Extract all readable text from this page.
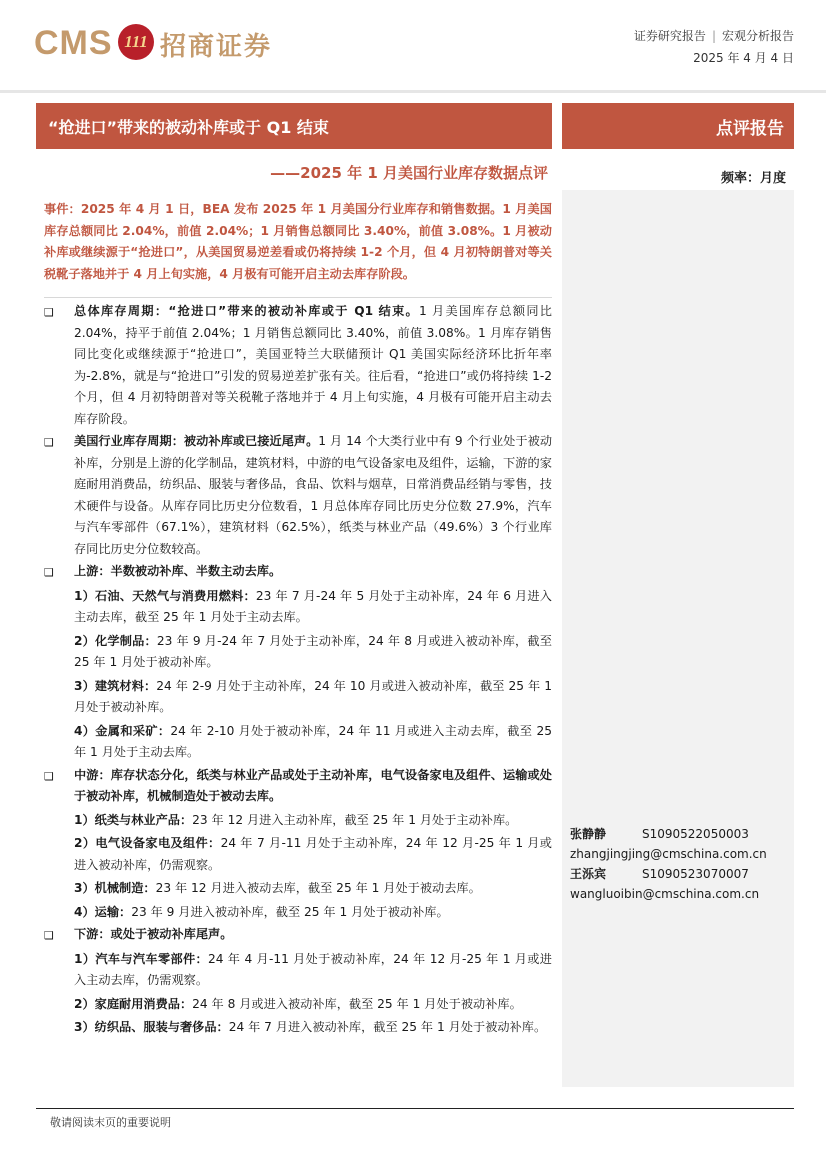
CMS 111 招商证券	证券研究报告 | 宏观分析报告
2025 年 4 月 4 日
“抢进口”带来的被动补库或于 Q1 结束	点评报告
——2025 年 1 月美国行业库存数据点评	频率：月度
张静静	S1090522050003
zhangjingjing@cmschina.com.cn
王泺宾	S1090523070007
wangluoibin@cmschina.com.cn
事件：2025 年 4 月 1 日，BEA 发布 2025 年 1 月美国分行业库存和销售数据。1 月美国库存总额同比 2.04%，前值 2.04%；1 月销售总额同比 3.40%，前值 3.08%。1 月被动补库或继续源于“抢进口”，从美国贸易逆差看或仍将持续 1-2 个月，但 4 月初特朗普对等关税靴子落地并于 4 月上旬实施，4 月极有可能开启主动去库存阶段。
❑	总体库存周期：“抢进口”带来的被动补库或于 Q1 结束。1 月美国库存总额同比 2.04%，持平于前值 2.04%；1 月销售总额同比 3.40%，前值 3.08%。1 月库存销售同比变化或继续源于“抢进口”，美国亚特兰大联储预计 Q1 美国实际经济环比折年率为-2.8%，就是与“抢进口”引发的贸易逆差扩张有关。往后看，“抢进口”或仍将持续 1-2 个月，但 4 月初特朗普对等关税靴子落地并于 4 月上旬实施，4 月极有可能开启主动去库存阶段。
❑	美国行业库存周期：被动补库或已接近尾声。1 月 14 个大类行业中有 9 个行业处于被动补库，分别是上游的化学制品，建筑材料，中游的电气设备家电及组件，运输，下游的家庭耐用消费品，纺织品、服装与奢侈品，食品、饮料与烟草，日常消费品经销与零售，技术硬件与设备。从库存同比历史分位数看，1 月总体库存同比历史分位数 27.9%，汽车与汽车零部件（67.1%），建筑材料（62.5%），纸类与林业产品（49.6%）3 个行业库存同比历史分位数较高。
❑	上游：半数被动补库、半数主动去库。
1）石油、天然气与消费用燃料：23 年 7 月-24 年 5 月处于主动补库，24 年 6 月进入主动去库，截至 25 年 1 月处于主动去库。
2）化学制品：23 年 9 月-24 年 7 月处于主动补库，24 年 8 月或进入被动补库，截至 25 年 1 月处于被动补库。
3）建筑材料：24 年 2-9 月处于主动补库，24 年 10 月或进入被动补库，截至 25 年 1 月处于被动补库。
4）金属和采矿：24 年 2-10 月处于被动补库，24 年 11 月或进入主动去库，截至 25 年 1 月处于主动去库。
❑	中游：库存状态分化，纸类与林业产品或处于主动补库，电气设备家电及组件、运输或处于被动补库，机械制造处于被动去库。
1）纸类与林业产品：23 年 12 月进入主动补库，截至 25 年 1 月处于主动补库。
2）电气设备家电及组件：24 年 7 月-11 月处于主动补库，24 年 12 月-25 年 1 月或进入被动补库，仍需观察。
3）机械制造：23 年 12 月进入被动去库，截至 25 年 1 月处于被动去库。
4）运输：23 年 9 月进入被动补库，截至 25 年 1 月处于被动补库。
❑	下游：或处于被动补库尾声。
1）汽车与汽车零部件：24 年 4 月-11 月处于被动补库，24 年 12 月-25 年 1 月或进入主动去库，仍需观察。
2）家庭耐用消费品：24 年 8 月或进入被动补库，截至 25 年 1 月处于被动补库。
3）纺织品、服装与奢侈品：24 年 7 月进入被动补库，截至 25 年 1 月处于被动补库。
敬请阅读末页的重要说明
